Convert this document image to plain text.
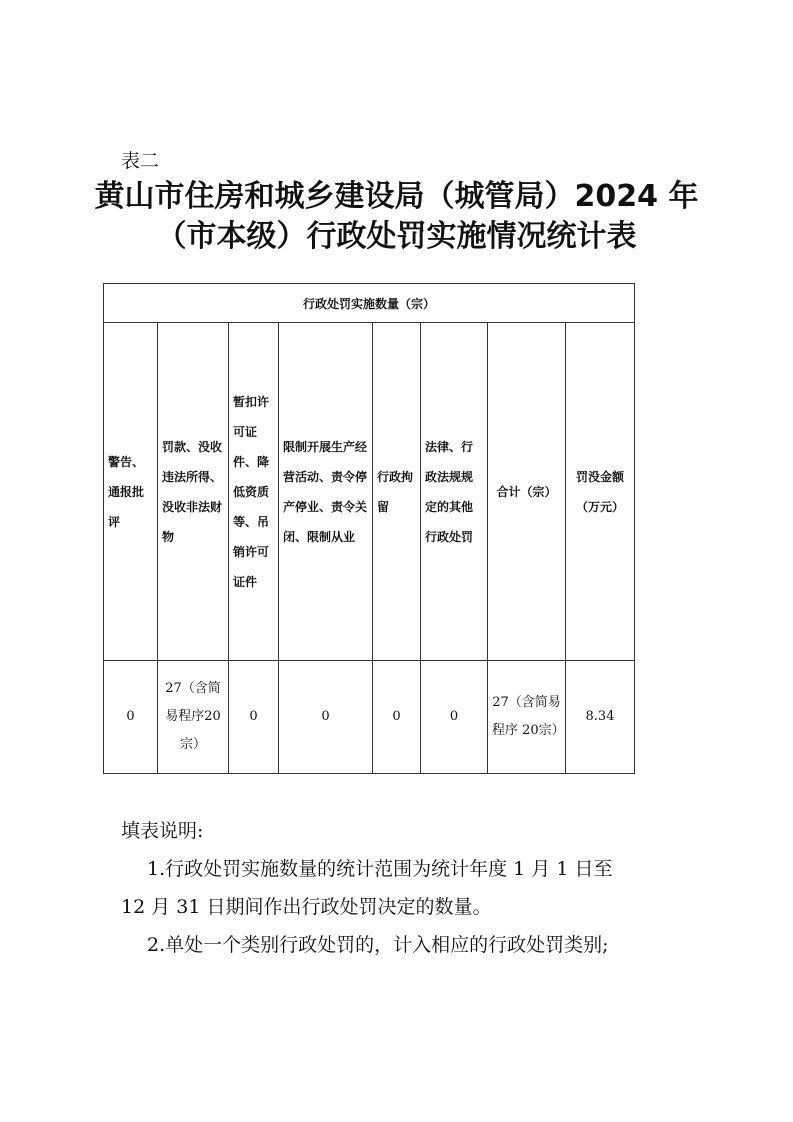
表二
黄山市住房和城乡建设局（城管局）2024 年
（市本级）行政处罚实施情况统计表
行政处罚实施数量（宗）							

警告、通报批评	罚款、没收违法所得、没收非法财物	暂扣许可证件、降低资质等、吊销许可证件	限制开展生产经营活动、责令停产停业、责令关闭、限制从业	行政拘留	法律、行政法规规定的其他行政处罚	合计（宗）	罚没金额（万元）

0	27（含简易程序20宗）	0	0	0	0	27（含简易程序 20宗）	8.34
填表说明:
1.行政处罚实施数量的统计范围为统计年度 1 月 1 日至
12 月 31 日期间作出行政处罚决定的数量。
2.单处一个类别行政处罚的，计入相应的行政处罚类别;
